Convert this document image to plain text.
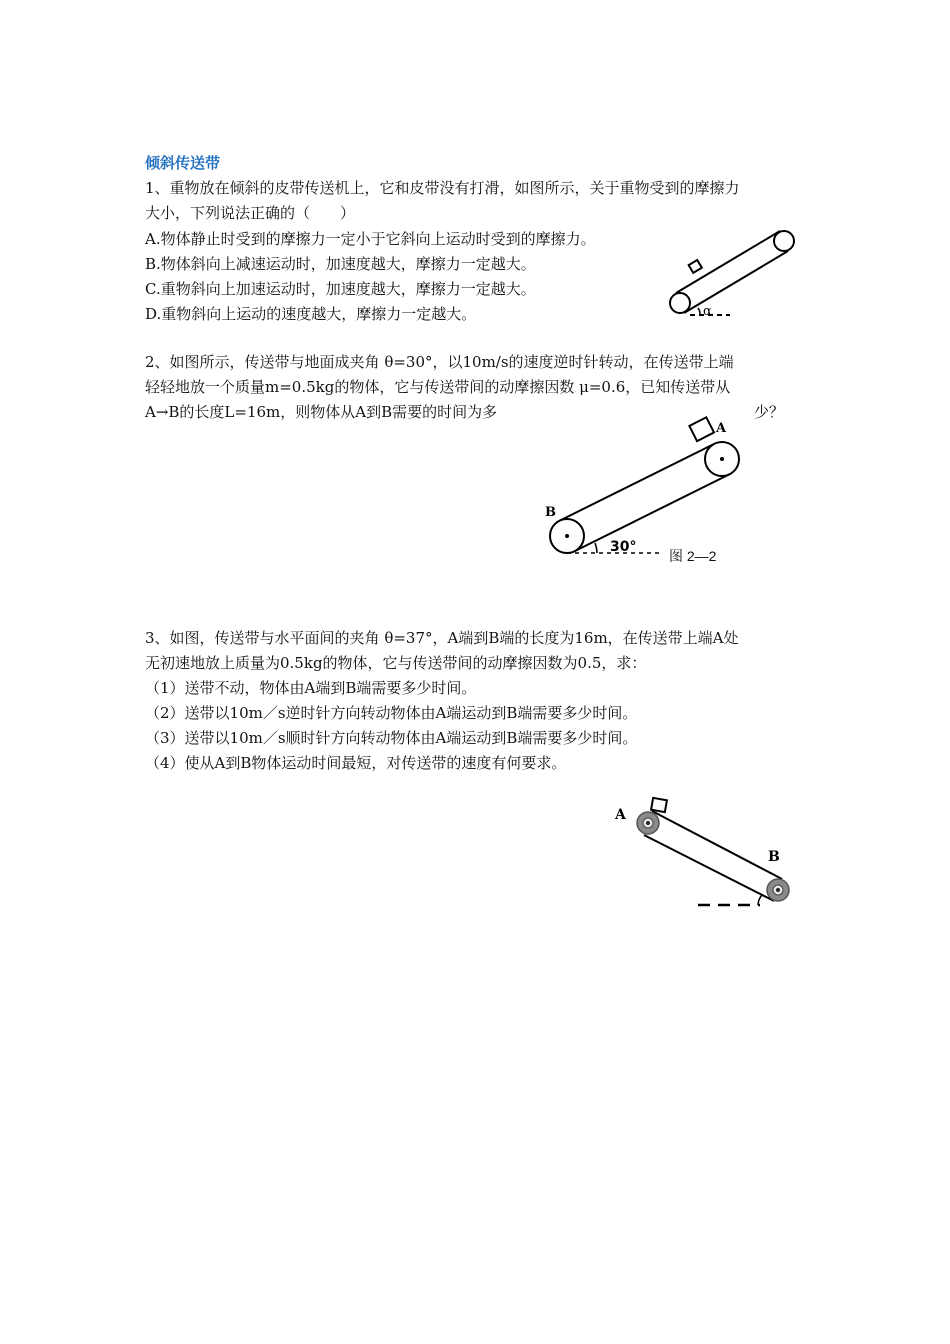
倾斜传送带
1、重物放在倾斜的皮带传送机上，它和皮带没有打滑，如图所示，关于重物受到的摩擦力
大小，下列说法正确的（　　）
A.物体静止时受到的摩擦力一定小于它斜向上运动时受到的摩擦力。
B.物体斜向上减速运动时，加速度越大，摩擦力一定越大。
C.重物斜向上加速运动时，加速度越大，摩擦力一定越大。
D.重物斜向上运动的速度越大，摩擦力一定越大。	α
2、如图所示，传送带与地面成夹角 θ=30°，以10m/s的速度逆时针转动，在传送带上端
轻轻地放一个质量m=0.5kg的物体，它与传送带间的动摩擦因数 μ=0.6，已知传送带从
A→B的长度L=16m，则物体从A到B需要的时间为多	少？
A
B
30°
图 2—2
3、如图，传送带与水平面间的夹角 θ=37°，A端到B端的长度为16m，在传送带上端A处
无初速地放上质量为0.5kg的物体，它与传送带间的动摩擦因数为0.5，求：
（1）送带不动，物体由A端到B端需要多少时间。
（2）送带以10m／s逆时针方向转动物体由A端运动到B端需要多少时间。
（3）送带以10m／s顺时针方向转动物体由A端运动到B端需要多少时间。
（4）使从A到B物体运动时间最短，对传送带的速度有何要求。
A
B
